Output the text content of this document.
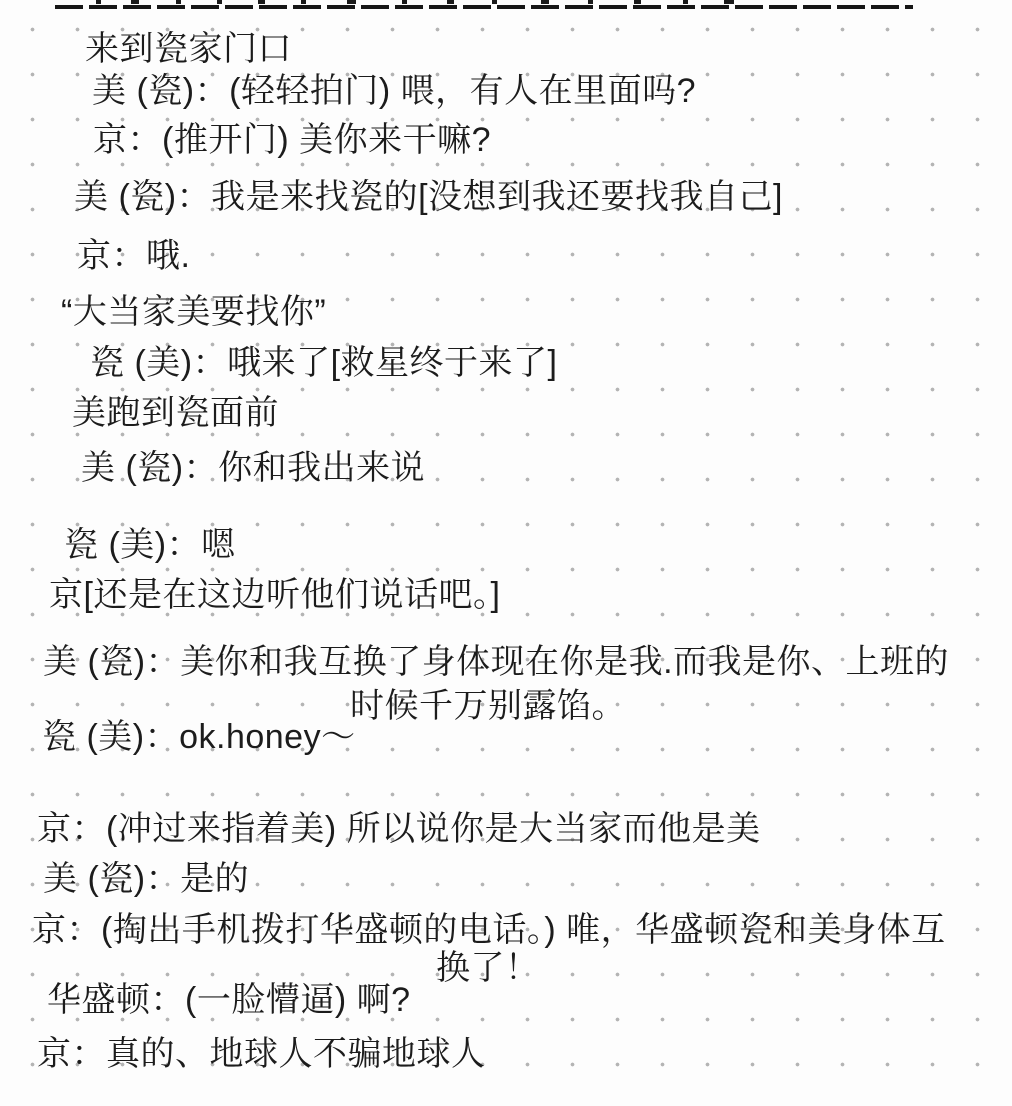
来到瓷家门口
美 (瓷)：(轻轻拍门) 喂，有人在里面吗?
京：(推开门) 美你来干嘛?
美 (瓷)：我是来找瓷的[没想到我还要找我自己]
京：哦.
“大当家美要找你”
瓷 (美)：哦来了[救星终于来了]
美跑到瓷面前
美 (瓷)：你和我出来说
瓷 (美)：嗯
京[还是在这边听他们说话吧。]
美 (瓷)：美你和我互换了身体现在你是我.而我是你、上班的
时候千万别露馅。
瓷 (美)：ok.honey～
京：(冲过来指着美) 所以说你是大当家而他是美
美 (瓷)：是的
京：(掏出手机拨打华盛顿的电话。) 唯，华盛顿瓷和美身体互
换了！
华盛顿：(一脸懵逼) 啊?
京：真的、地球人不骗地球人
